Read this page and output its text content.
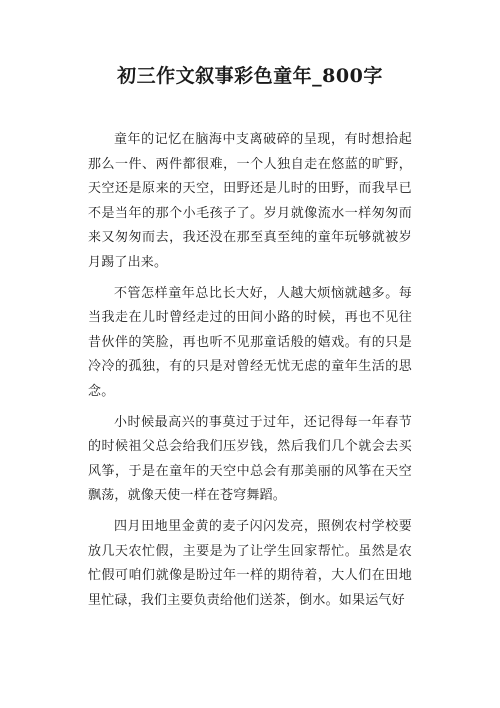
初三作文叙事彩色童年_800字

童年的记忆在脑海中支离破碎的呈现，有时想拾起那么一件、两件都很难，一个人独自走在悠蓝的旷野，天空还是原来的天空，田野还是儿时的田野，而我早已不是当年的那个小毛孩子了。岁月就像流水一样匆匆而来又匆匆而去，我还没在那至真至纯的童年玩够就被岁月踢了出来。

不管怎样童年总比长大好，人越大烦恼就越多。每当我走在儿时曾经走过的田间小路的时候，再也不见往昔伙伴的笑脸，再也听不见那童话般的嬉戏。有的只是冷冷的孤独，有的只是对曾经无忧无虑的童年生活的思念。

小时候最高兴的事莫过于过年，还记得每一年春节的时候祖父总会给我们压岁钱，然后我们几个就会去买风筝，于是在童年的天空中总会有那美丽的风筝在天空飘荡，就像天使一样在苍穹舞蹈。

四月田地里金黄的麦子闪闪发亮，照例农村学校要放几天农忙假，主要是为了让学生回家帮忙。虽然是农忙假可咱们就像是盼过年一样的期待着，大人们在田地里忙碌，我们主要负责给他们送茶，倒水。如果运气好
